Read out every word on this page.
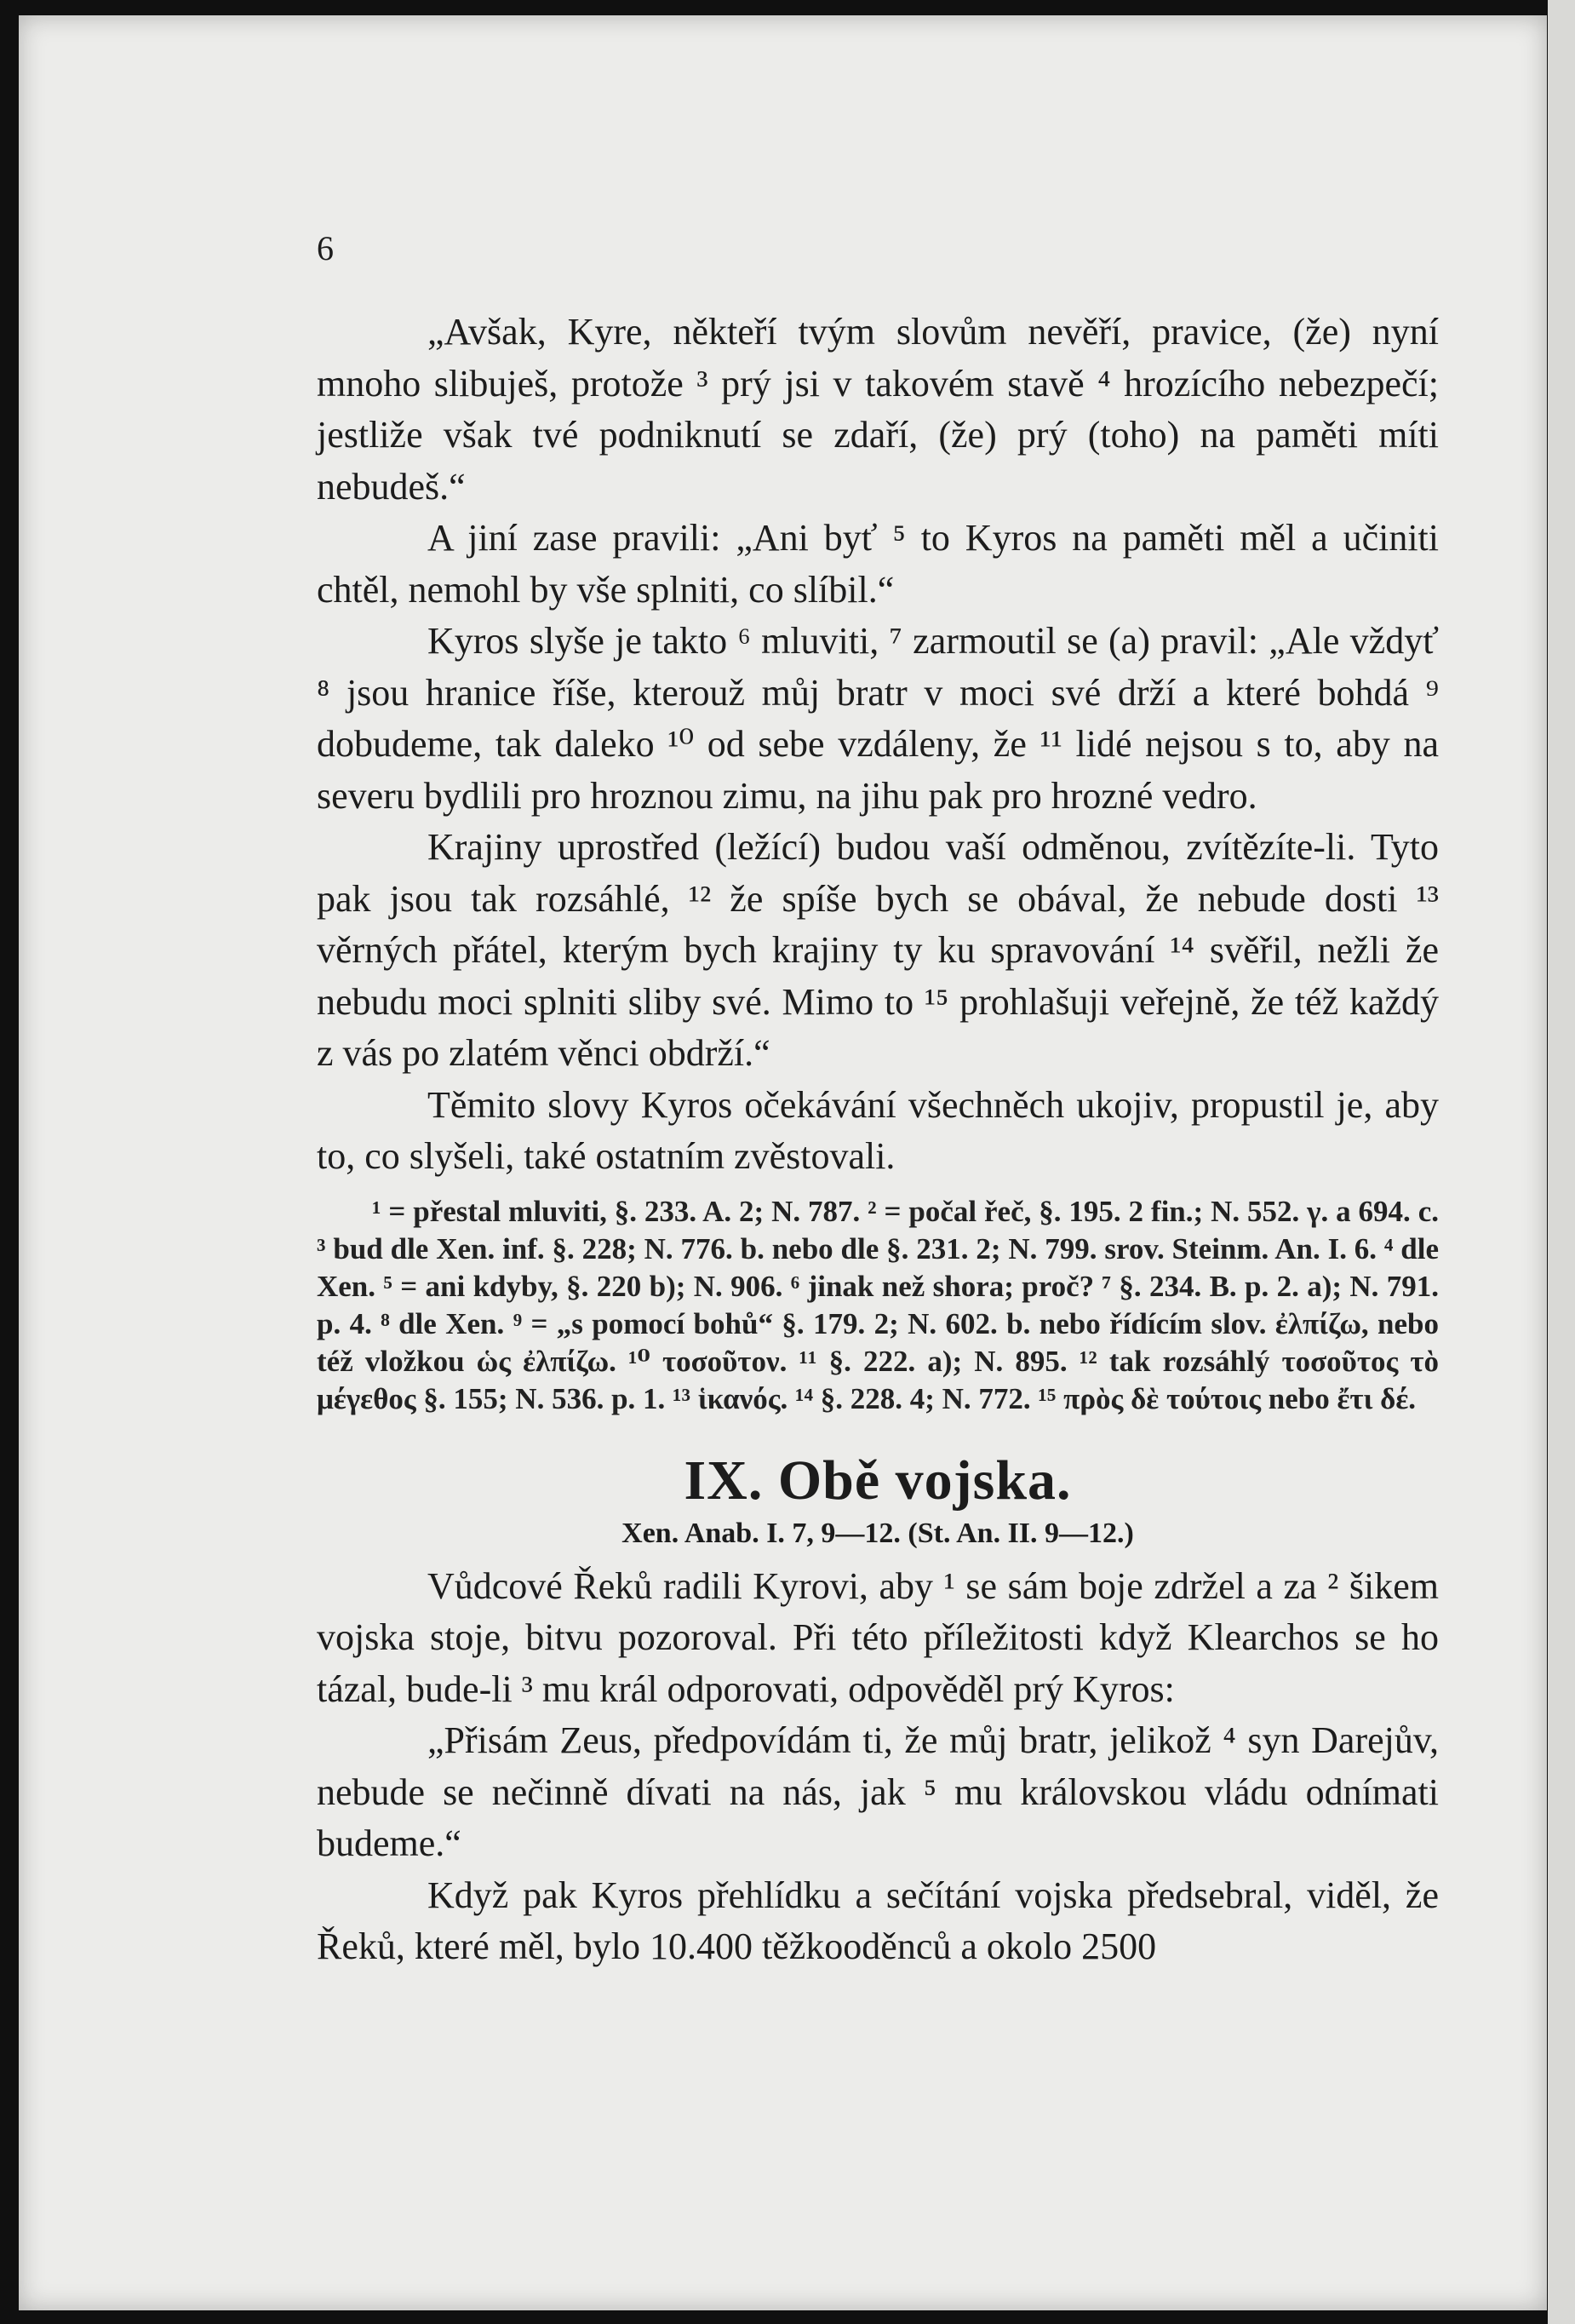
6

„Avšak, Kyre, někteří tvým slovům nevěří, pravice, (že) nyní mnoho slibuješ, protože ³ prý jsi v takovém stavě ⁴ hrozícího nebezpečí; jestliže však tvé podniknutí se zdaří, (že) prý (toho) na paměti míti nebudeš.“

A jiní zase pravili: „Ani byť ⁵ to Kyros na paměti měl a učiniti chtěl, nemohl by vše splniti, co slíbil.“

Kyros slyše je takto ⁶ mluviti, ⁷ zarmoutil se (a) pravil: „Ale vždyť ⁸ jsou hranice říše, kterouž můj bratr v moci své drží a které bohdá ⁹ dobudeme, tak daleko ¹⁰ od sebe vzdáleny, že ¹¹ lidé nejsou s to, aby na severu bydlili pro hroznou zimu, na jihu pak pro hrozné vedro.

Krajiny uprostřed (ležící) budou vaší odměnou, zvítězíte-li. Tyto pak jsou tak rozsáhlé, ¹² že spíše bych se obával, že nebude dosti ¹³ věrných přátel, kterým bych krajiny ty ku spravování ¹⁴ svěřil, nežli že nebudu moci splniti sliby své. Mimo to ¹⁵ prohlašuji veřejně, že též každý z vás po zlatém věnci obdrží.“

Těmito slovy Kyros očekávání všechněch ukojiv, propustil je, aby to, co slyšeli, také ostatním zvěstovali.

¹ = přestal mluviti, §. 233. A. 2; N. 787. ² = počal řeč, §. 195. 2 fin.; N. 552. γ. a 694. c. ³ bud dle Xen. inf. §. 228; N. 776. b. nebo dle §. 231. 2; N. 799. srov. Steinm. An. I. 6. ⁴ dle Xen. ⁵ = ani kdyby, §. 220 b); N. 906. ⁶ jinak než shora; proč? ⁷ §. 234. B. p. 2. a); N. 791. p. 4. ⁸ dle Xen. ⁹ = „s pomocí bohů“ §. 179. 2; N. 602. b. nebo řídícím slov. ἐλπίζω, nebo též vložkou ὡς ἐλπίζω. ¹⁰ τοσοῦτον. ¹¹ §. 222. a); N. 895. ¹² tak rozsáhlý τοσοῦτος τὸ μέγεθος §. 155; N. 536. p. 1. ¹³ ἱκανός. ¹⁴ §. 228. 4; N. 772. ¹⁵ πρὸς δὲ τούτοις nebo ἔτι δέ.

IX. Obě vojska.
Xen. Anab. I. 7, 9—12. (St. An. II. 9—12.)

Vůdcové Řeků radili Kyrovi, aby ¹ se sám boje zdržel a za ² šikem vojska stoje, bitvu pozoroval. Při této příležitosti když Klearchos se ho tázal, bude-li ³ mu král odporovati, odpověděl prý Kyros:

„Přisám Zeus, předpovídám ti, že můj bratr, jelikož ⁴ syn Darejův, nebude se nečinně dívati na nás, jak ⁵ mu královskou vládu odnímati budeme.“

Když pak Kyros přehlídku a sečítání vojska předsebral, viděl, že Řeků, které měl, bylo 10.400 těžkooděnců a okolo 2500
